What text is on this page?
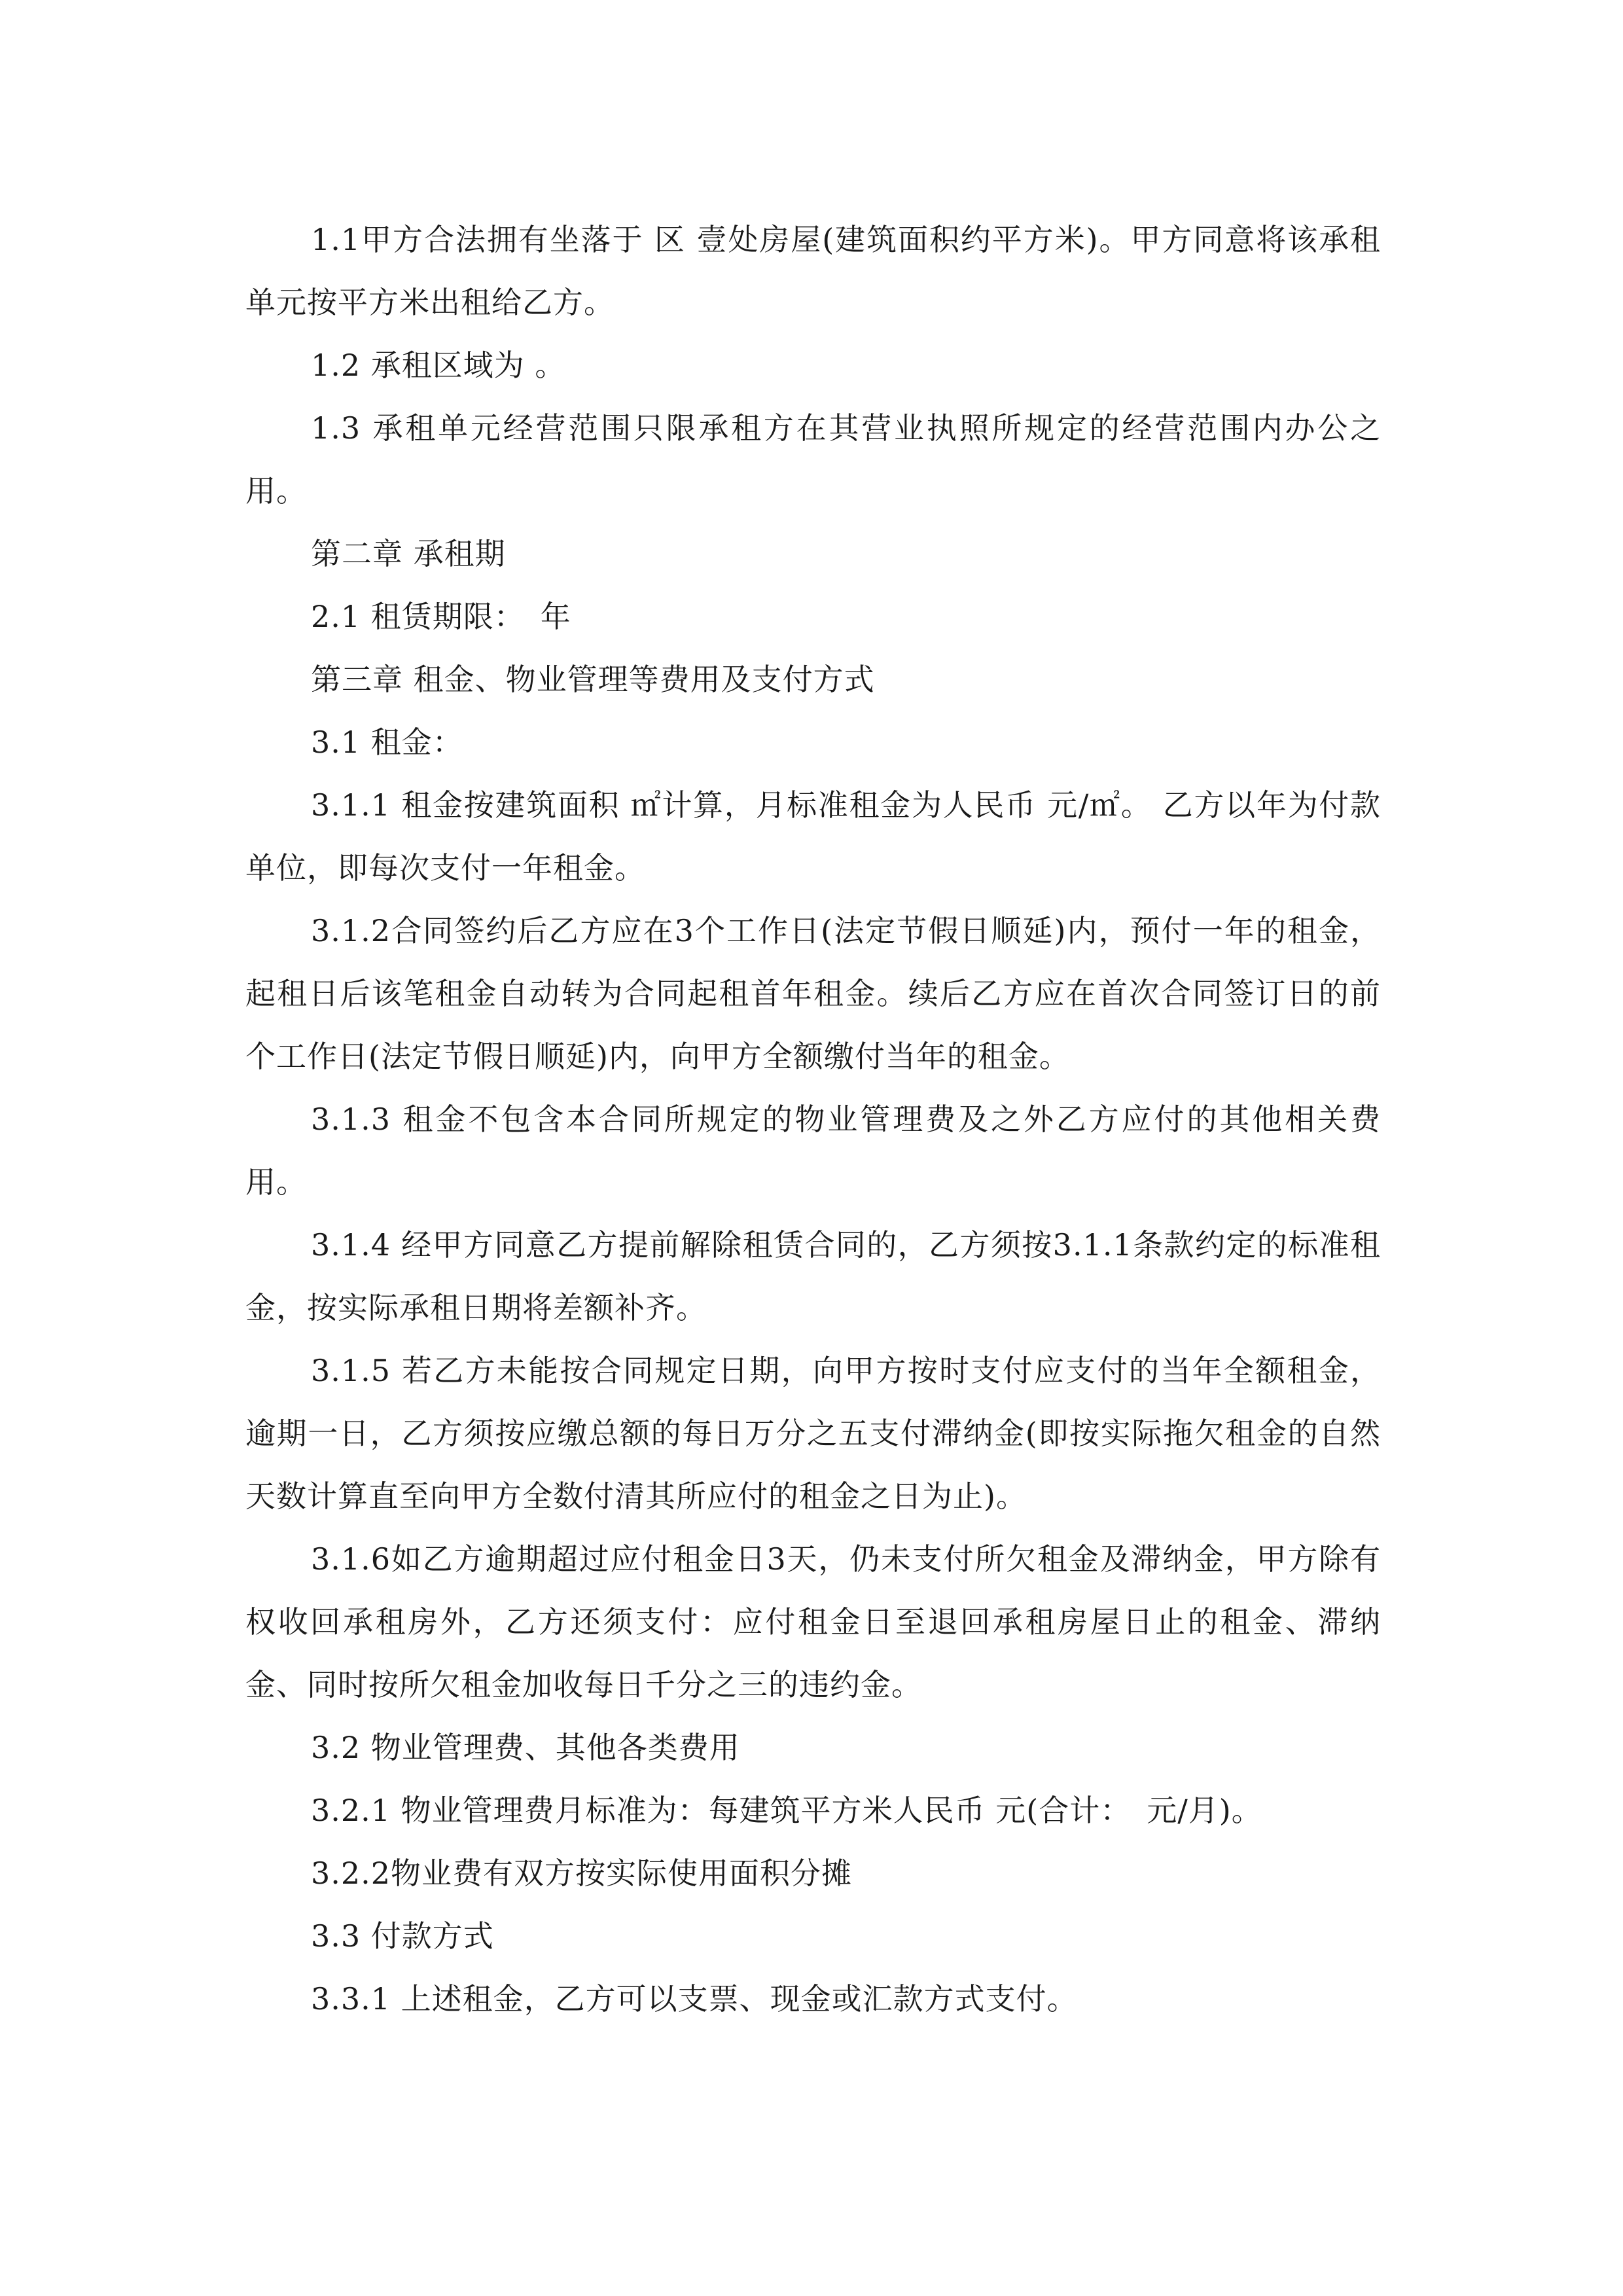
1.1甲方合法拥有坐落于 区 壹处房屋(建筑面积约平方米)。甲方同意将该承租单元按平方米出租给乙方。

1.2 承租区域为 。

1.3 承租单元经营范围只限承租方在其营业执照所规定的经营范围内办公之用。

第二章 承租期

2.1 租赁期限：　年

第三章 租金、物业管理等费用及支付方式

3.1 租金：

3.1.1 租金按建筑面积 ㎡计算，月标准租金为人民币 元/㎡。 乙方以年为付款单位，即每次支付一年租金。

3.1.2合同签约后乙方应在3个工作日(法定节假日顺延)内，预付一年的租金，起租日后该笔租金自动转为合同起租首年租金。续后乙方应在首次合同签订日的前 个工作日(法定节假日顺延)内，向甲方全额缴付当年的租金。

3.1.3 租金不包含本合同所规定的物业管理费及之外乙方应付的其他相关费用。

3.1.4 经甲方同意乙方提前解除租赁合同的，乙方须按3.1.1条款约定的标准租金，按实际承租日期将差额补齐。

3.1.5 若乙方未能按合同规定日期，向甲方按时支付应支付的当年全额租金，逾期一日，乙方须按应缴总额的每日万分之五支付滞纳金(即按实际拖欠租金的自然天数计算直至向甲方全数付清其所应付的租金之日为止)。

3.1.6如乙方逾期超过应付租金日3天，仍未支付所欠租金及滞纳金，甲方除有权收回承租房外，乙方还须支付：应付租金日至退回承租房屋日止的租金、滞纳金、同时按所欠租金加收每日千分之三的违约金。

3.2 物业管理费、其他各类费用

3.2.1 物业管理费月标准为：每建筑平方米人民币 元(合计：　元/月)。

3.2.2物业费有双方按实际使用面积分摊

3.3 付款方式

3.3.1 上述租金，乙方可以支票、现金或汇款方式支付。
